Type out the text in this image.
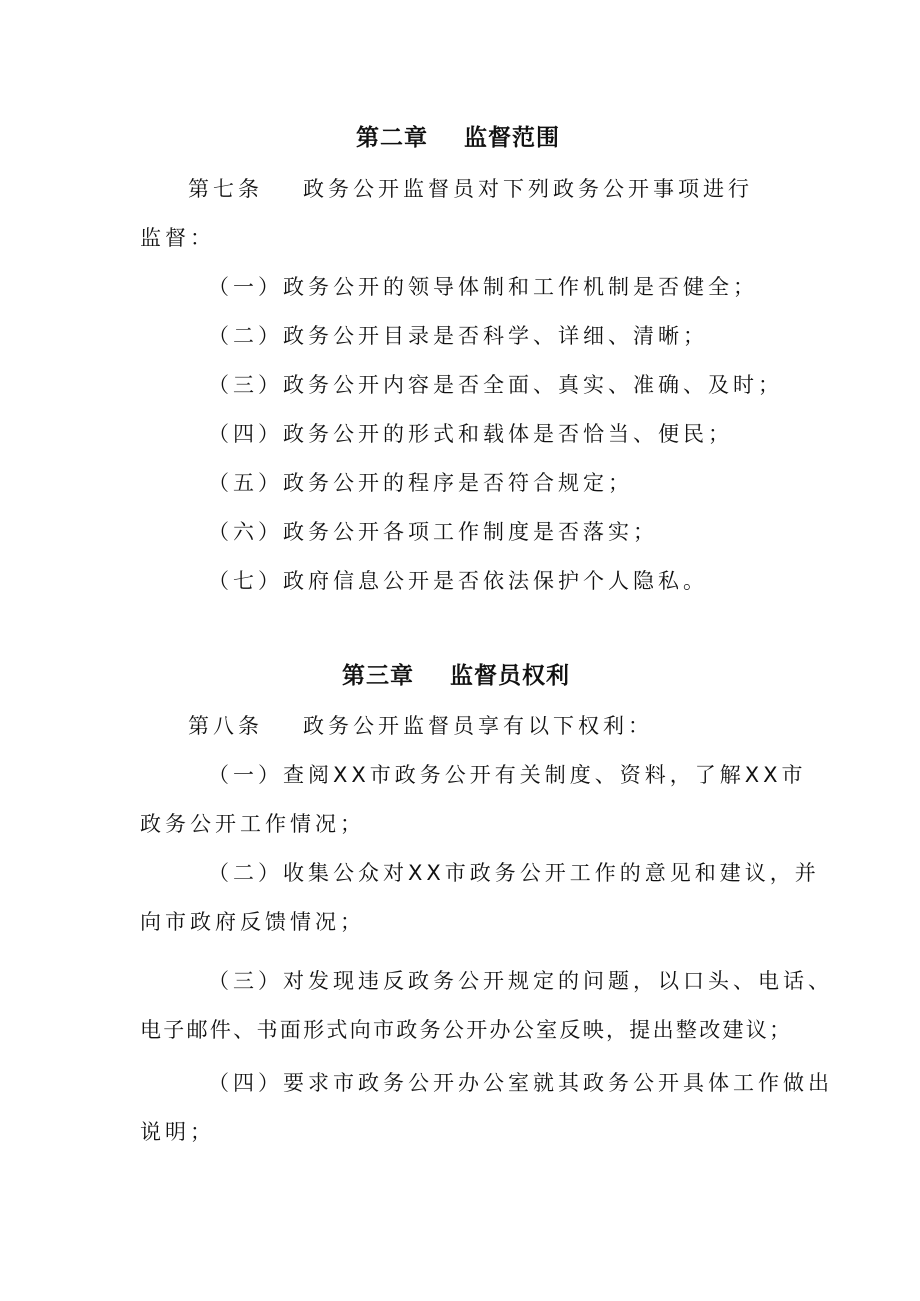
第二章 监督范围
第七条 政务公开监督员对下列政务公开事项进行
监督：
（一）政务公开的领导体制和工作机制是否健全；
（二）政务公开目录是否科学、详细、清晰；
（三）政务公开内容是否全面、真实、准确、及时；
（四）政务公开的形式和载体是否恰当、便民；
（五）政务公开的程序是否符合规定；
（六）政务公开各项工作制度是否落实；
（七）政府信息公开是否依法保护个人隐私。
第三章 监督员权利
第八条 政务公开监督员享有以下权利：
（一）查阅XX市政务公开有关制度、资料，了解XX市
政务公开工作情况；
（二）收集公众对XX市政务公开工作的意见和建议，并
向市政府反馈情况；
（三）对发现违反政务公开规定的问题，以口头、电话、
电子邮件、书面形式向市政务公开办公室反映，提出整改建议；
（四）要求市政务公开办公室就其政务公开具体工作做出
说明；
